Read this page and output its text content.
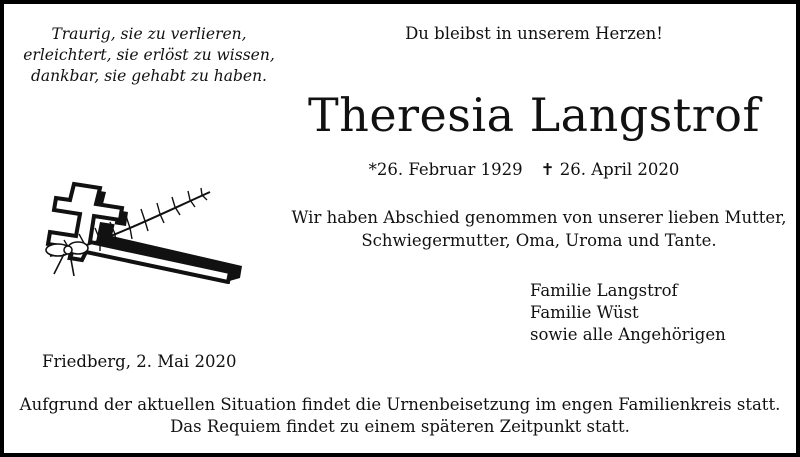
Traurig, sie zu verlieren,
erleichtert, sie erlöst zu wissen,
dankbar, sie gehabt zu haben.
Du bleibst in unserem Herzen!
Theresia Langstrof
*26. Februar 1929 ✝ 26. April 2020
Wir haben Abschied genommen von unserer lieben Mutter,
Schwiegermutter, Oma, Uroma und Tante.
Familie Langstrof
Familie Wüst
sowie alle Angehörigen
Friedberg, 2. Mai 2020
Aufgrund der aktuellen Situation findet die Urnenbeisetzung im engen Familienkreis statt.
Das Requiem findet zu einem späteren Zeitpunkt statt.
